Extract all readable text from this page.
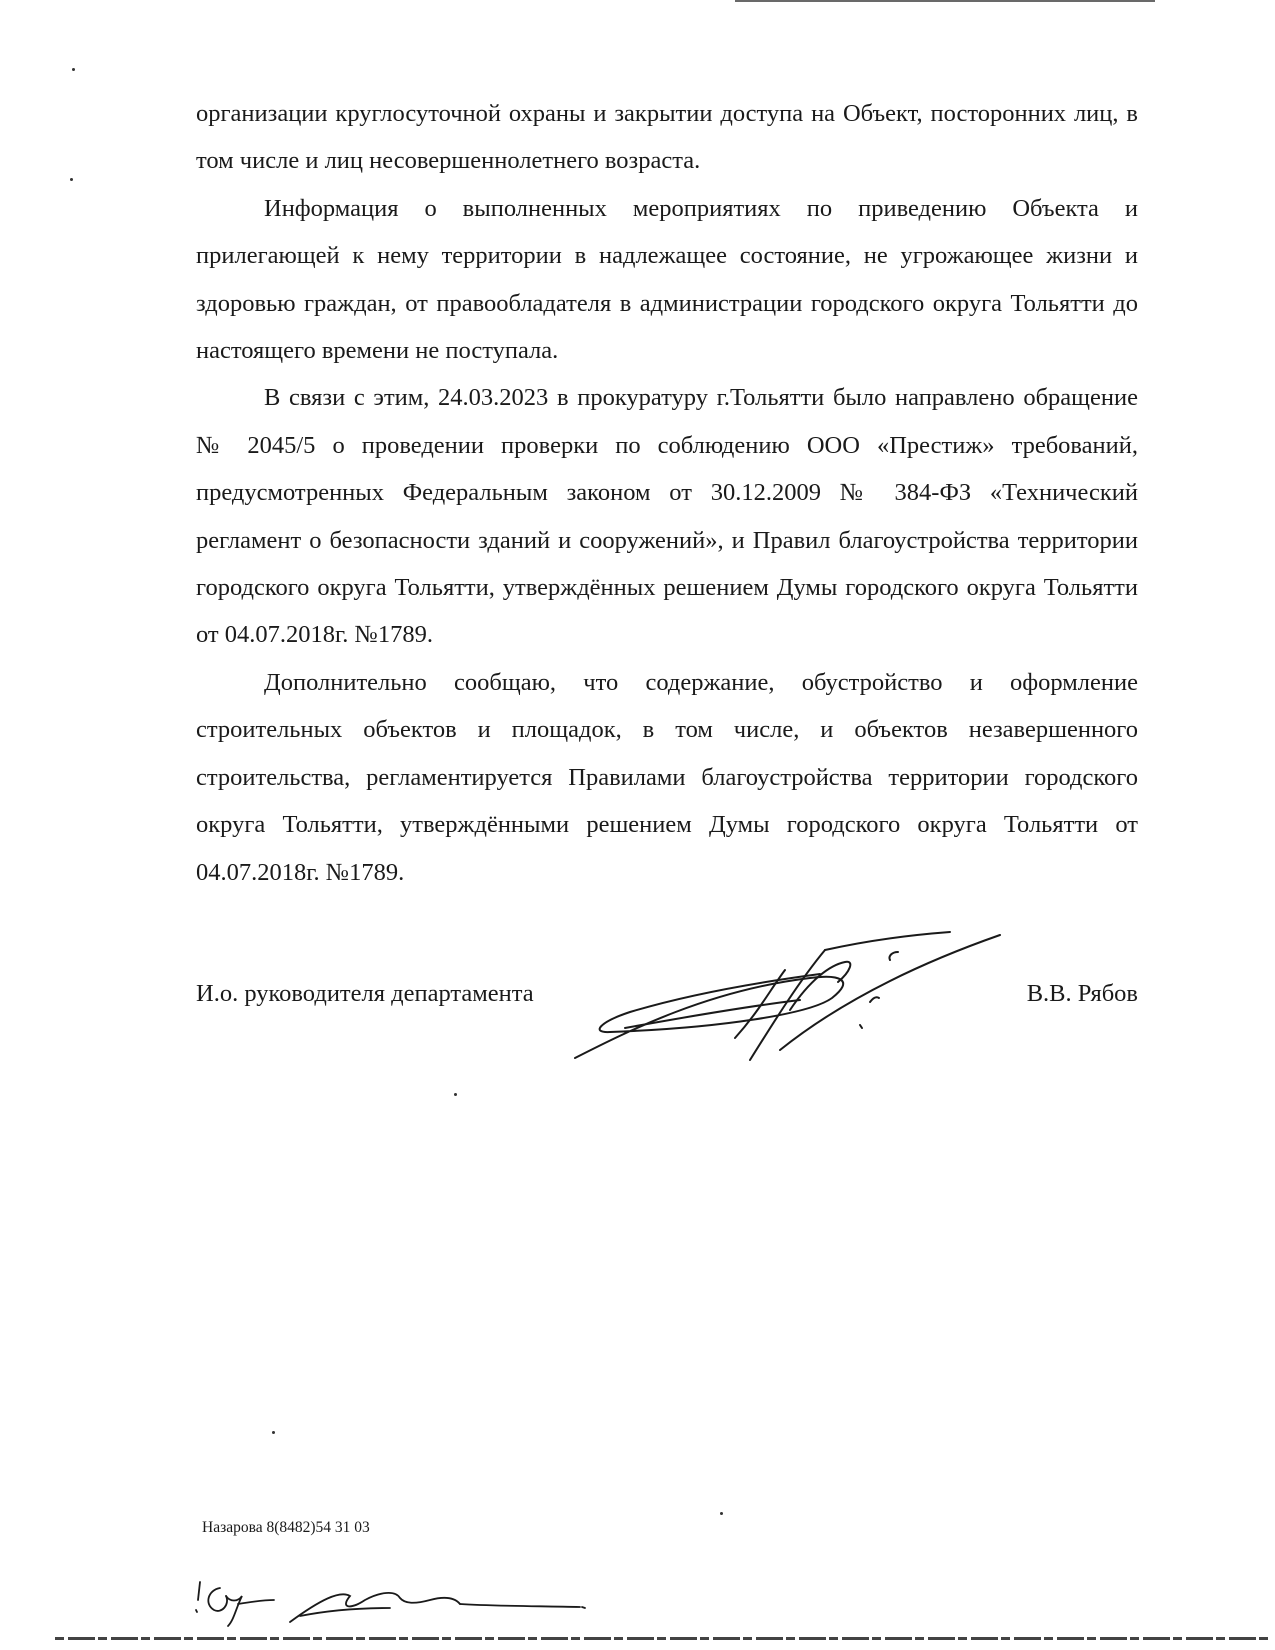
организации круглосуточной охраны и закрытии доступа на Объект, посторонних лиц, в том числе и лиц несовершеннолетнего возраста.

Информация о выполненных мероприятиях по приведению Объекта и прилегающей к нему территории в надлежащее состояние, не угрожающее жизни и здоровью граждан, от правообладателя в администрации городского округа Тольятти до настоящего времени не поступала.

В связи с этим, 24.03.2023 в прокуратуру г.Тольятти было направлено обращение № 2045/5 о проведении проверки по соблюдению ООО «Престиж» требований, предусмотренных Федеральным законом от 30.12.2009 № 384-ФЗ «Технический регламент о безопасности зданий и сооружений», и Правил благоустройства территории городского округа Тольятти, утверждённых решением Думы городского округа Тольятти от 04.07.2018г. №1789.

Дополнительно сообщаю, что содержание, обустройство и оформление строительных объектов и площадок, в том числе, и объектов незавершенного строительства, регламентируется Правилами благоустройства территории городского округа Тольятти, утверждёнными решением Думы городского округа Тольятти от 04.07.2018г. №1789.

И.о. руководителя департамента	В.В. Рябов
Назарова 8(8482)54 31 03
